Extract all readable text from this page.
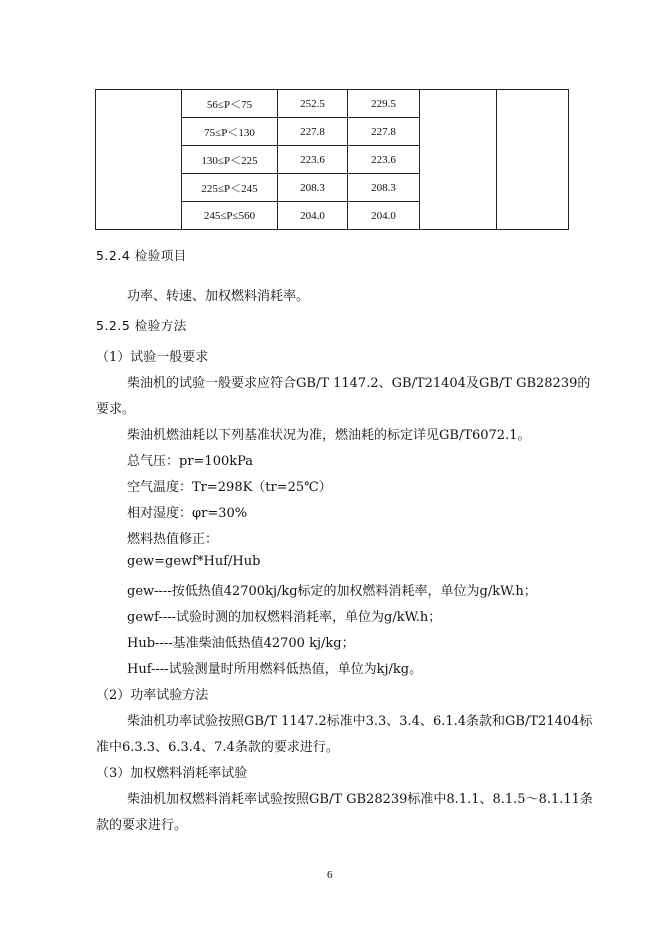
	56≤P＜75	252.5	229.5		
	75≤P＜130	227.8	227.8		
	130≤P＜225	223.6	223.6		
	225≤P＜245	208.3	208.3		
	245≤P≤560	204.0	204.0		
5.2.4 检验项目
功率、转速、加权燃料消耗率。
5.2.5 检验方法
（1）试验一般要求
柴油机的试验一般要求应符合GB/T 1147.2、GB/T21404及GB/T GB28239的
要求。
柴油机燃油耗以下列基准状况为准，燃油耗的标定详见GB/T6072.1。
总气压：pr=100kPa
空气温度：Tr=298K（tr=25℃）
相对湿度：φr=30%
燃料热值修正：
gew=gewf*Huf/Hub
gew----按低热值42700kj/kg标定的加权燃料消耗率，单位为g/kW.h；
gewf----试验时测的加权燃料消耗率，单位为g/kW.h；
Hub----基准柴油低热值42700 kj/kg；
Huf----试验测量时所用燃料低热值，单位为kj/kg。
（2）功率试验方法
柴油机功率试验按照GB/T 1147.2标准中3.3、3.4、6.1.4条款和GB/T21404标
准中6.3.3、6.3.4、7.4条款的要求进行。
（3）加权燃料消耗率试验
柴油机加权燃料消耗率试验按照GB/T GB28239标准中8.1.1、8.1.5～8.1.11条
款的要求进行。
6
